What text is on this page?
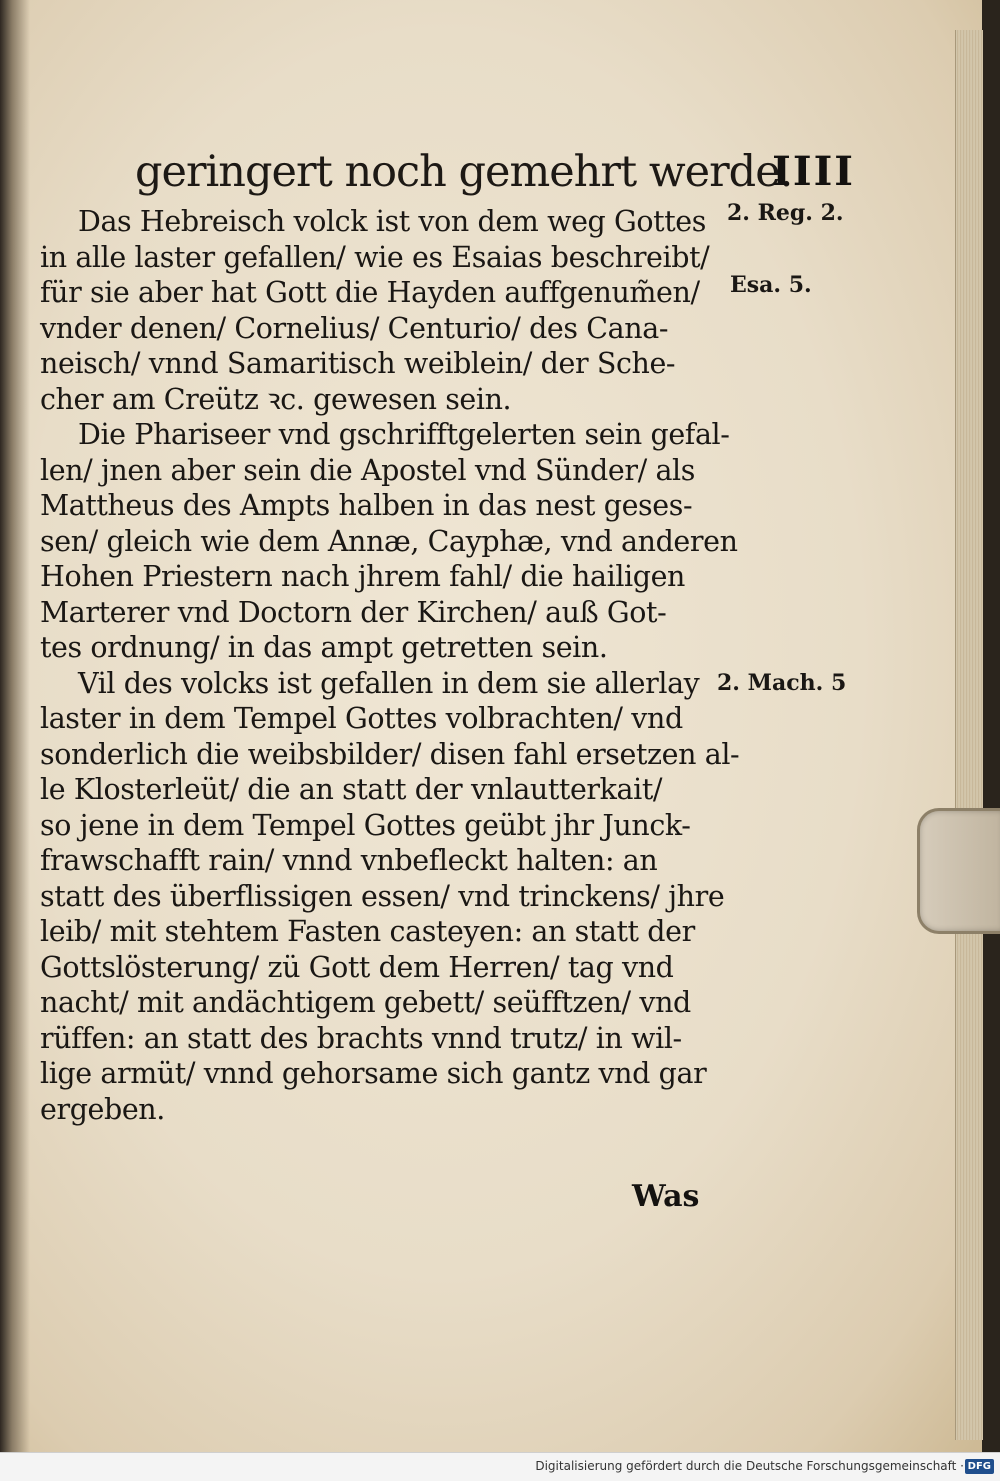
geringert noch gemehrt werde.
IIII
Das Hebreisch volck ist von dem weg Gottes
in alle laster gefallen/ wie es Esaias beschreibt/
für sie aber hat Gott die Hayden auffgenum̃en/
vnder denen/ Cornelius/ Centurio/ des Cana-
neisch/ vnnd Samaritisch weiblein/ der Sche-
cher am Creütz ꝛc. gewesen sein.
Die Phariseer vnd gschrifftgelerten sein gefal-
len/ jnen aber sein die Apostel vnd Sünder/ als
Mattheus des Ampts halben in das nest geses-
sen/ gleich wie dem Annæ, Cayphæ, vnd anderen
Hohen Priestern nach jhrem fahl/ die hailigen
Marterer vnd Doctorn der Kirchen/ auß Got-
tes ordnung/ in das ampt getretten sein.
Vil des volcks ist gefallen in dem sie allerlay
laster in dem Tempel Gottes volbrachten/ vnd
sonderlich die weibsbilder/ disen fahl ersetzen al-
le Klosterleüt/ die an statt der vnlautterkait/
so jene in dem Tempel Gottes geübt jhr Junck-
frawschafft rain/ vnnd vnbefleckt halten: an
statt des überflissigen essen/ vnd trinckens/ jhre
leib/ mit stehtem Fasten casteyen: an statt der
Gottslösterung/ zü Gott dem Herren/ tag vnd
nacht/ mit andächtigem gebett/ seüfftzen/ vnd
rüffen: an statt des brachts vnnd trutz/ in wil-
lige armüt/ vnnd gehorsame sich gantz vnd gar
ergeben.
2. Reg. 2.
Esa. 5.
2. Mach. 5
Was
Digitalisierung gefördert durch die Deutsche Forschungsgemeinschaft · DFG
